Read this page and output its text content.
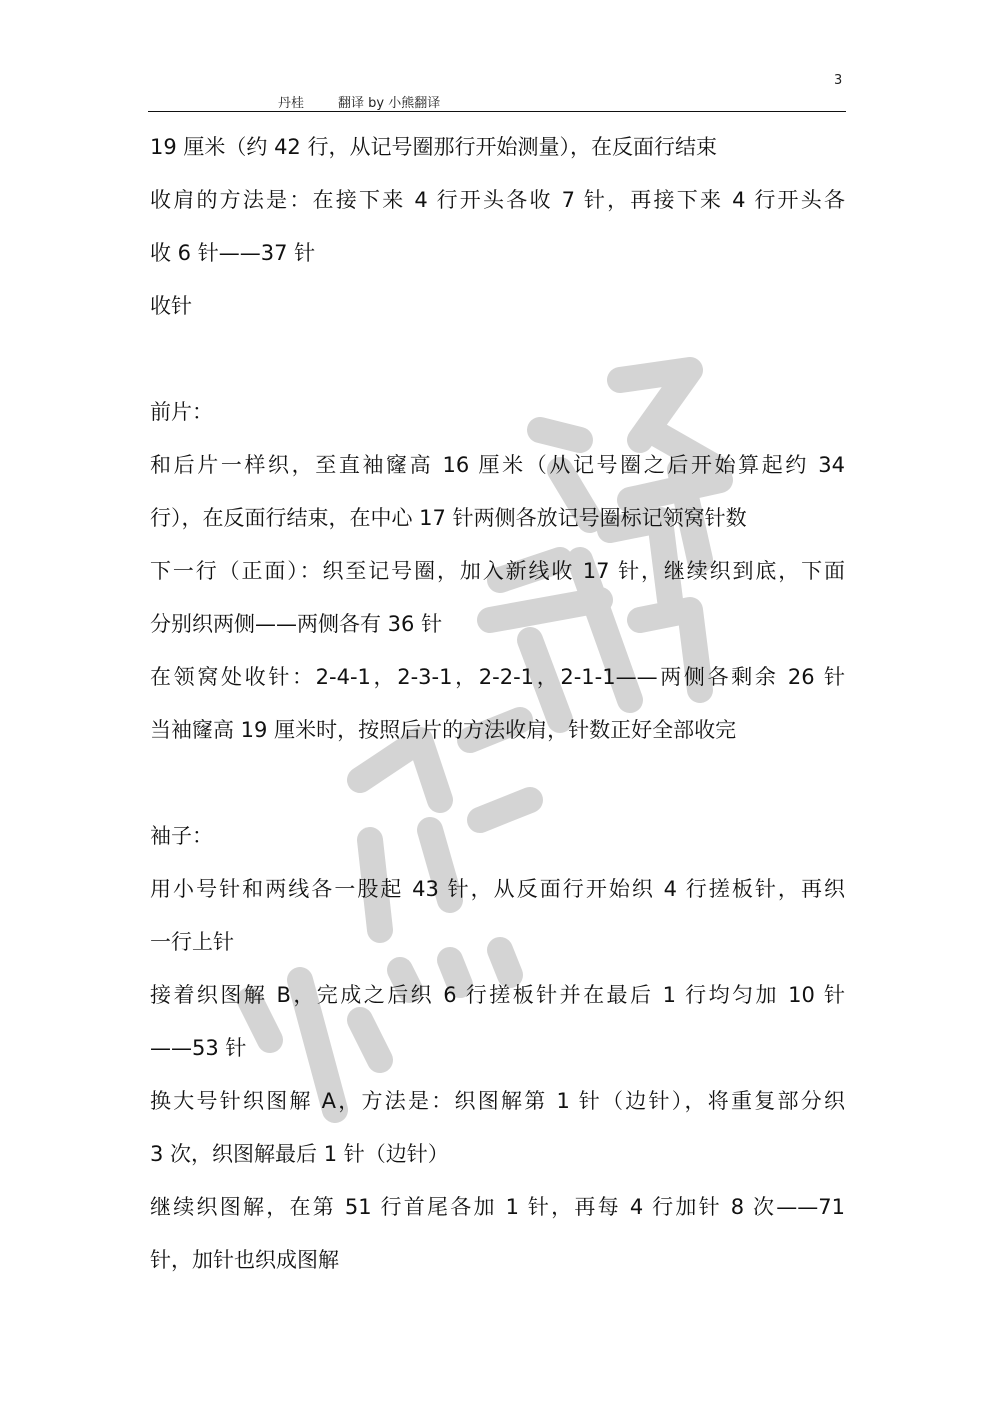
3
丹桂	翻译 by 小熊翻译
19 厘米（约 42 行，从记号圈那行开始测量），在反面行结束
收肩的方法是：在接下来 4 行开头各收 7 针，再接下来 4 行开头各
收 6 针——37 针
收针
前片：
和后片一样织，至直袖窿高 16 厘米（从记号圈之后开始算起约 34
行），在反面行结束，在中心 17 针两侧各放记号圈标记领窝针数
下一行（正面）：织至记号圈，加入新线收 17 针，继续织到底，下面
分别织两侧——两侧各有 36 针
在领窝处收针：2-4-1，2-3-1，2-2-1，2-1-1——两侧各剩余 26 针
当袖窿高 19 厘米时，按照后片的方法收肩，针数正好全部收完
袖子：
用小号针和两线各一股起 43 针，从反面行开始织 4 行搓板针，再织
一行上针
接着织图解 B，完成之后织 6 行搓板针并在最后 1 行均匀加 10 针
——53 针
换大号针织图解 A，方法是：织图解第 1 针（边针），将重复部分织
3 次，织图解最后 1 针（边针）
继续织图解，在第 51 行首尾各加 1 针，再每 4 行加针 8 次——71
针，加针也织成图解
